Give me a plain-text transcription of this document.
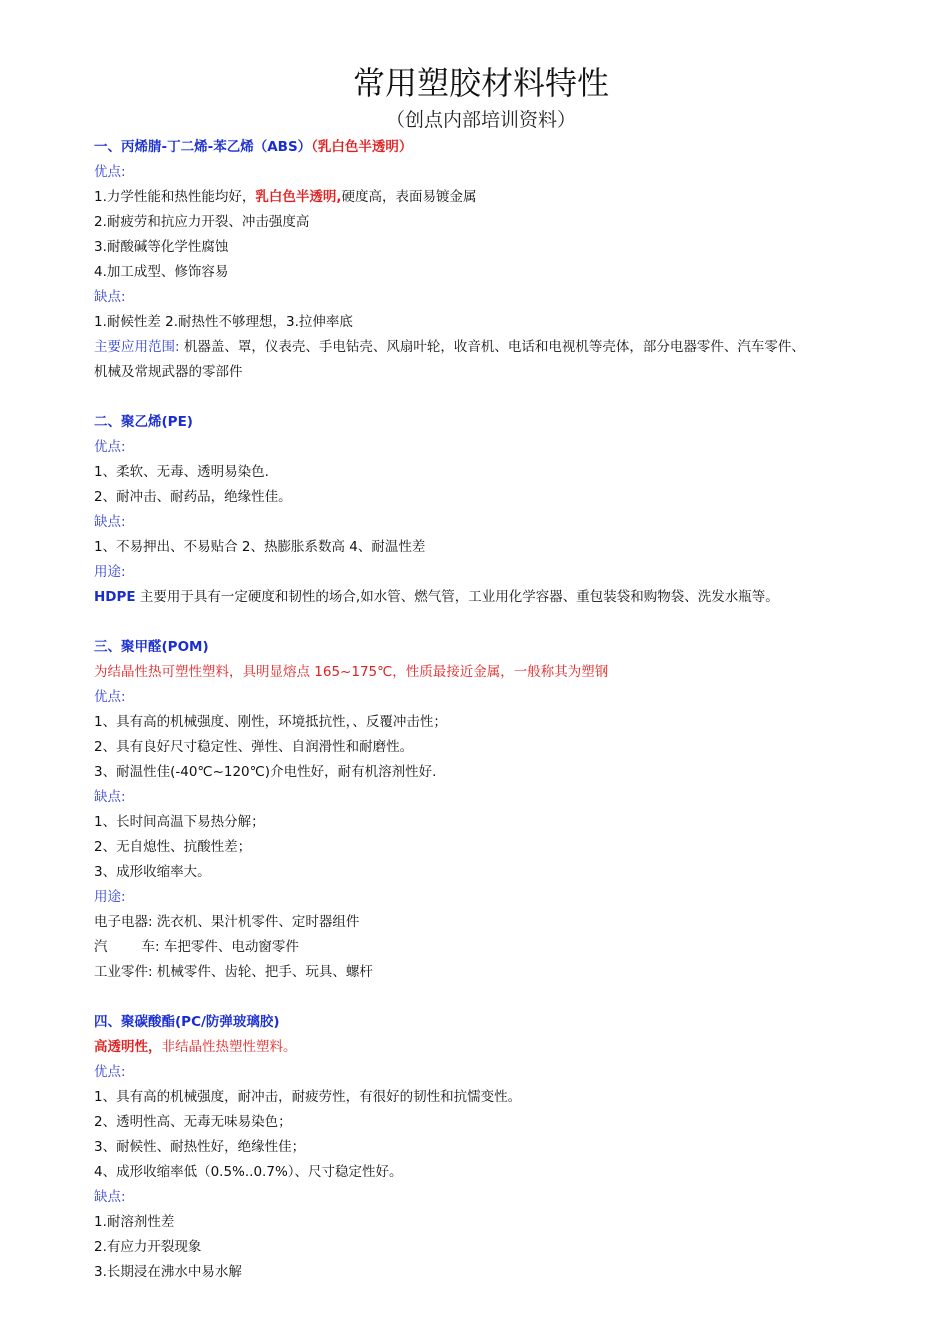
常用塑胶材料特性
（创点内部培训资料）
一、丙烯腈-丁二烯-苯乙烯（ABS）（乳白色半透明）
优点:
1.力学性能和热性能均好，乳白色半透明,硬度高，表面易镀金属
2.耐疲劳和抗应力开裂、冲击强度高
3.耐酸碱等化学性腐蚀
4.加工成型、修饰容易
缺点:
1.耐候性差 2.耐热性不够理想，3.拉伸率底
主要应用范围: 机器盖、罩，仪表壳、手电钻壳、风扇叶轮，收音机、电话和电视机等壳体，部分电器零件、汽车零件、
机械及常规武器的零部件
二、聚乙烯(PE)
优点:
1、柔软、无毒、透明易染色.
2、耐冲击、耐药品，绝缘性佳。
缺点:
1、不易押出、不易贴合 2、热膨胀系数高 4、耐温性差
用途:
HDPE 主要用于具有一定硬度和韧性的场合,如水管、燃气管，工业用化学容器、重包装袋和购物袋、洗发水瓶等。
三、聚甲醛(POM)
为结晶性热可塑性塑料，具明显熔点 165~175℃，性质最接近金属，一般称其为塑钢
优点:
1、具有高的机械强度、刚性，环境抵抗性，、反覆冲击性；
2、具有良好尺寸稳定性、弹性、自润滑性和耐磨性。
3、耐温性佳(-40℃~120℃)介电性好，耐有机溶剂性好.
缺点:
1、长时间高温下易热分解；
2、无自熄性、抗酸性差；
3、成形收缩率大。
用途:
电子电器: 洗衣机、果汁机零件、定时器组件
汽	车: 车把零件、电动窗零件
工业零件: 机械零件、齿轮、把手、玩具、螺杆
四、聚碳酸酯(PC/防弹玻璃胶)
高透明性，非结晶性热塑性塑料。
优点:
1、具有高的机械强度，耐冲击，耐疲劳性，有很好的韧性和抗懦变性。
2、透明性高、无毒无味易染色；
3、耐候性、耐热性好，绝缘性佳；
4、成形收缩率低（0.5%..0.7%）、尺寸稳定性好。
缺点:
1.耐溶剂性差
2.有应力开裂现象
3.长期浸在沸水中易水解
